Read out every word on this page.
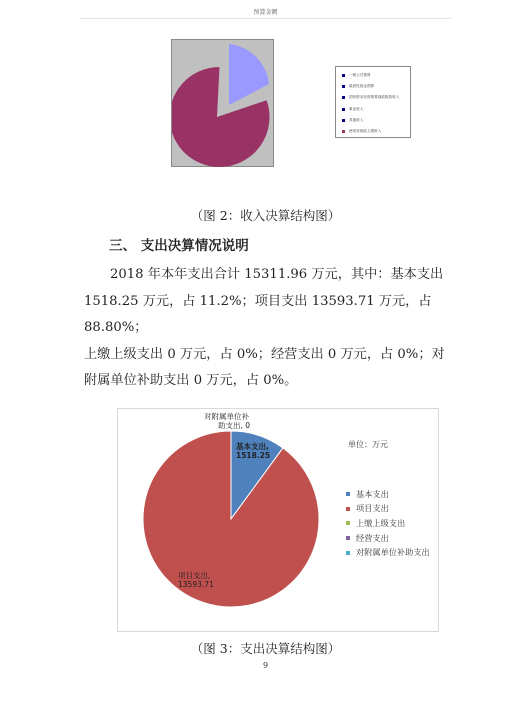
预算金额
一般公共预算
政府性基金预算
国有资本经营预算财政拨款收入
事业收入
其他收入
使用非财政上缴收入
（图 2：收入决算结构图）
三、 支出决算情况说明
2018 年本年支出合计 15311.96 万元，其中：基本支出
1518.25 万元，占 11.2%；项目支出 13593.71 万元，占 88.80%；
上缴上级支出 0 万元，占 0%；经营支出 0 万元，占 0%；对
附属单位补助支出 0 万元，占 0%。
对附属单位补
助支出, 0
基本支出,
1518.25
项目支出,
13593.71
单位：万元
基本支出
项目支出
上缴上级支出
经营支出
对附属单位补助支出
（图 3：支出决算结构图）
9
